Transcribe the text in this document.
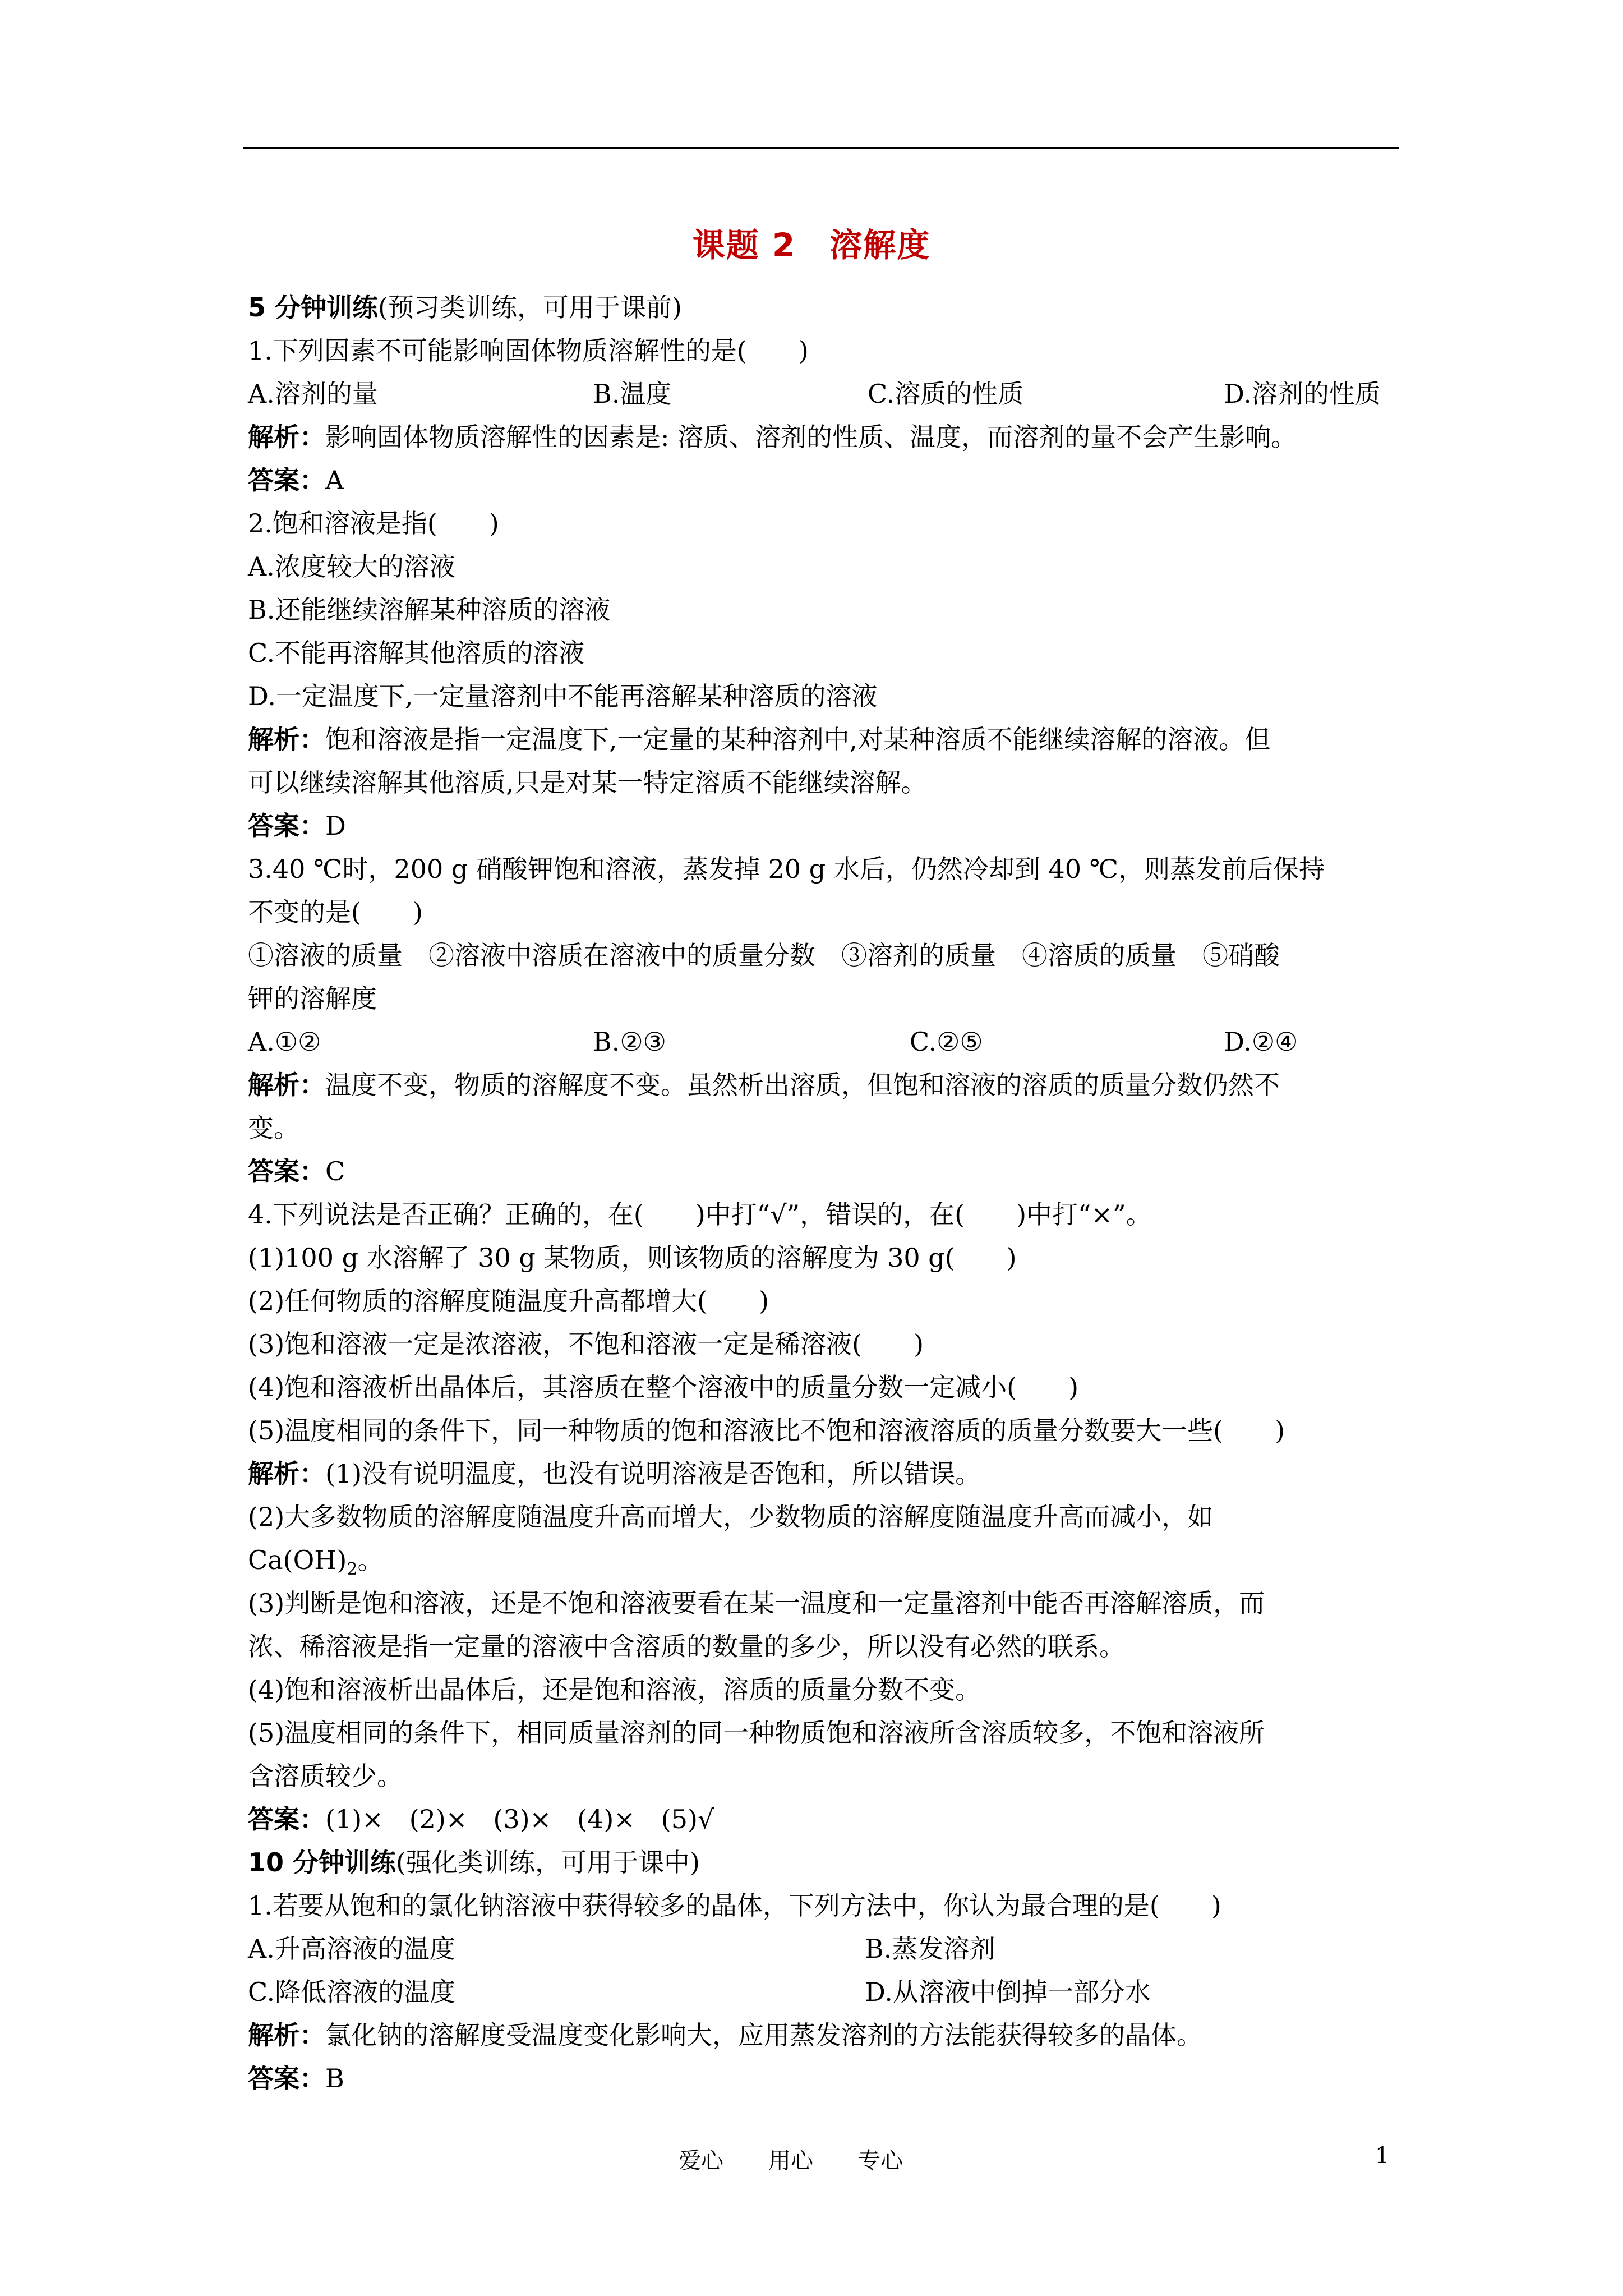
课题 2　溶解度
5 分钟训练(预习类训练，可用于课前)
1.下列因素不可能影响固体物质溶解性的是(　　)
A.溶剂的量	B.温度	C.溶质的性质	D.溶剂的性质
解析：影响固体物质溶解性的因素是: 溶质、溶剂的性质、温度，而溶剂的量不会产生影响。
答案：A
2.饱和溶液是指(　　)
A.浓度较大的溶液
B.还能继续溶解某种溶质的溶液
C.不能再溶解其他溶质的溶液
D.一定温度下,一定量溶剂中不能再溶解某种溶质的溶液
解析：饱和溶液是指一定温度下,一定量的某种溶剂中,对某种溶质不能继续溶解的溶液。但
可以继续溶解其他溶质,只是对某一特定溶质不能继续溶解。
答案：D
3.40 ℃时，200 g 硝酸钾饱和溶液，蒸发掉 20 g 水后，仍然冷却到 40 ℃，则蒸发前后保持
不变的是(　　)
①溶液的质量　②溶液中溶质在溶液中的质量分数　③溶剂的质量　④溶质的质量　⑤硝酸
钾的溶解度
A.①②	B.②③	C.②⑤	D.②④
解析：温度不变，物质的溶解度不变。虽然析出溶质，但饱和溶液的溶质的质量分数仍然不
变。
答案：C
4.下列说法是否正确？正确的，在(　　)中打“√”，错误的，在(　　)中打“×”。
(1)100 g 水溶解了 30 g 某物质，则该物质的溶解度为 30 g(　　)
(2)任何物质的溶解度随温度升高都增大(　　)
(3)饱和溶液一定是浓溶液，不饱和溶液一定是稀溶液(　　)
(4)饱和溶液析出晶体后，其溶质在整个溶液中的质量分数一定减小(　　)
(5)温度相同的条件下，同一种物质的饱和溶液比不饱和溶液溶质的质量分数要大一些(　　)
解析：(1)没有说明温度，也没有说明溶液是否饱和，所以错误。
(2)大多数物质的溶解度随温度升高而增大，少数物质的溶解度随温度升高而减小，如
$Ca(OH)_2$。
(3)判断是饱和溶液，还是不饱和溶液要看在某一温度和一定量溶剂中能否再溶解溶质，而
浓、稀溶液是指一定量的溶液中含溶质的数量的多少，所以没有必然的联系。
(4)饱和溶液析出晶体后，还是饱和溶液，溶质的质量分数不变。
(5)温度相同的条件下，相同质量溶剂的同一种物质饱和溶液所含溶质较多，不饱和溶液所
含溶质较少。
答案：(1)×　(2)×　(3)×　(4)×　(5)√
10 分钟训练(强化类训练，可用于课中)
1.若要从饱和的氯化钠溶液中获得较多的晶体，下列方法中，你认为最合理的是(　　)
A.升高溶液的温度	B.蒸发溶剂
C.降低溶液的温度	D.从溶液中倒掉一部分水
解析：氯化钠的溶解度受温度变化影响大，应用蒸发溶剂的方法能获得较多的晶体。
答案：B
爱心　　用心　　专心	1
